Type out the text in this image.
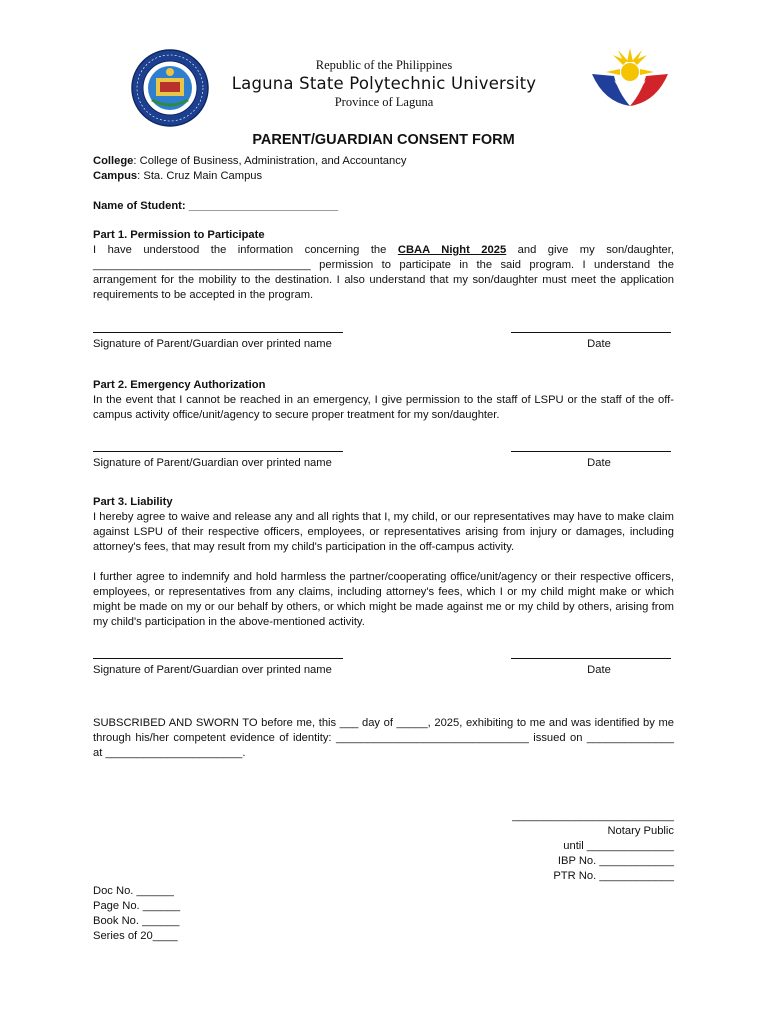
Republic of the Philippines
Laguna State Polytechnic University
Province of Laguna
PARENT/GUARDIAN CONSENT FORM
College: College of Business, Administration, and Accountancy
Campus: Sta. Cruz Main Campus
Name of Student: ________________________
Part 1. Permission to Participate

I have understood the information concerning the CBAA Night 2025 and give my son/daughter, ___________________________________ permission to participate in the said program. I understand the arrangement for the mobility to the destination. I also understand that my son/daughter must meet the application requirements to be accepted in the program.

Signature of Parent/Guardian over printed name	Date
Part 2. Emergency Authorization

In the event that I cannot be reached in an emergency, I give permission to the staff of LSPU or the staff of the off-campus activity office/unit/agency to secure proper treatment for my son/daughter.

Signature of Parent/Guardian over printed name	Date
Part 3. Liability

I hereby agree to waive and release any and all rights that I, my child, or our representatives may have to make claim against LSPU of their respective officers, employees, or representatives arising from injury or damages, including attorney's fees, that may result from my child's participation in the off-campus activity.

I further agree to indemnify and hold harmless the partner/cooperating office/unit/agency or their respective officers, employees, or representatives from any claims, including attorney's fees, which I or my child might make or which might be made on my or our behalf by others, or which might be made against me or my child by others, arising from my child's participation in the above-mentioned activity.

Signature of Parent/Guardian over printed name	Date

SUBSCRIBED AND SWORN TO before me, this ___ day of _____, 2025, exhibiting to me and was identified by me through his/her competent evidence of identity: _______________________________ issued on ______________ at ______________________.

__________________________
Notary Public
until ______________
IBP No. ____________
PTR No. ____________
Doc No. ______
Page No. ______
Book No. ______
Series of 20____
